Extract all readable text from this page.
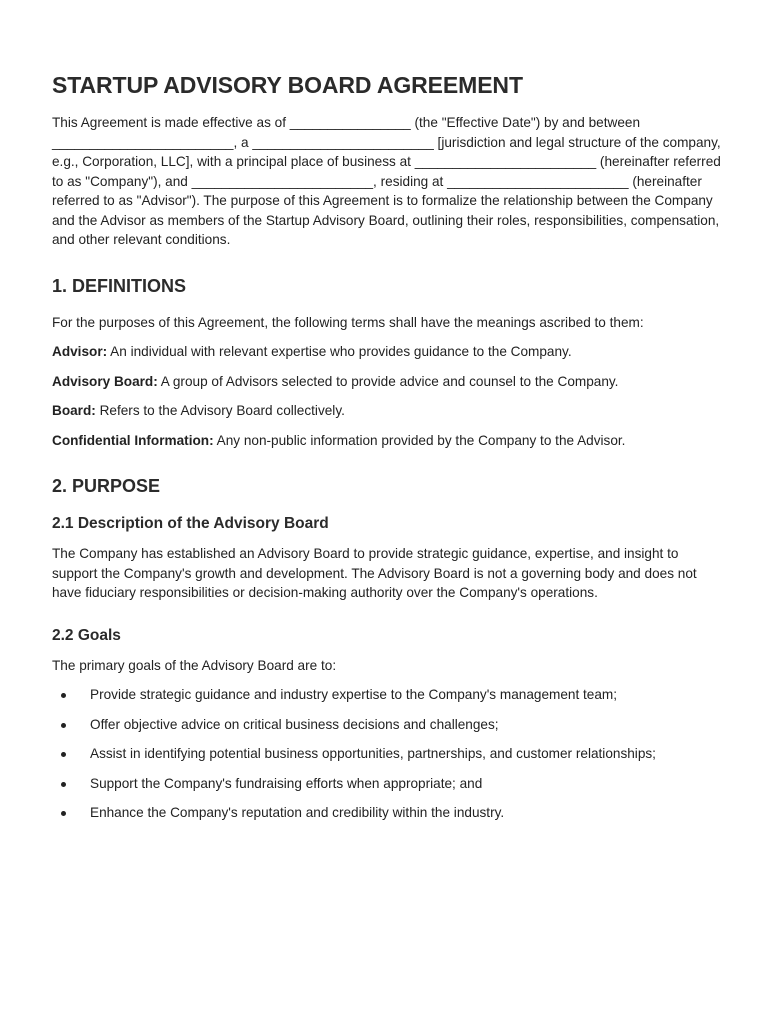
STARTUP ADVISORY BOARD AGREEMENT

This Agreement is made effective as of ________________ (the "Effective Date") by and between ________________________, a ________________________ [jurisdiction and legal structure of the company, e.g., Corporation, LLC], with a principal place of business at ________________________ (hereinafter referred to as "Company"), and ________________________, residing at ________________________ (hereinafter referred to as "Advisor"). The purpose of this Agreement is to formalize the relationship between the Company and the Advisor as members of the Startup Advisory Board, outlining their roles, responsibilities, compensation, and other relevant conditions.

1. DEFINITIONS

For the purposes of this Agreement, the following terms shall have the meanings ascribed to them:

Advisor: An individual with relevant expertise who provides guidance to the Company.

Advisory Board: A group of Advisors selected to provide advice and counsel to the Company.

Board: Refers to the Advisory Board collectively.

Confidential Information: Any non-public information provided by the Company to the Advisor.

2. PURPOSE
2.1 Description of the Advisory Board

The Company has established an Advisory Board to provide strategic guidance, expertise, and insight to support the Company's growth and development. The Advisory Board is not a governing body and does not have fiduciary responsibilities or decision-making authority over the Company's operations.

2.2 Goals

The primary goals of the Advisory Board are to:

Provide strategic guidance and industry expertise to the Company's management team;
Offer objective advice on critical business decisions and challenges;
Assist in identifying potential business opportunities, partnerships, and customer relationships;
Support the Company's fundraising efforts when appropriate; and
Enhance the Company's reputation and credibility within the industry.
